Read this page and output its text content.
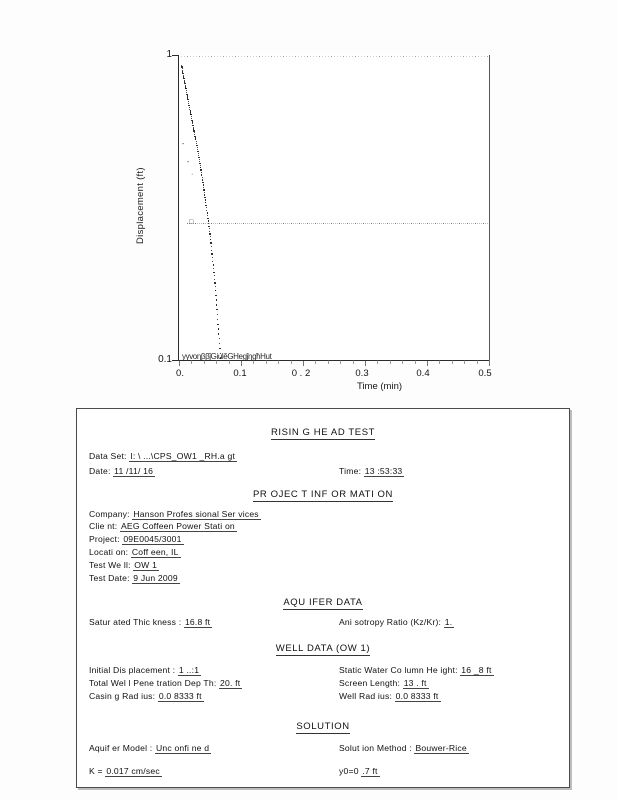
Displacement (ft)
1
0.1
-
-
·
□
yγvοηββĵGiulĕGHegĵηgħHut
0.	0.1	0 . 2	0.3	0.4	0.5
Time (min)
RISIN G HE AD TEST
Data Set: I: \ ...\CPS_OW1 _RH.a gt
Date: 11 /11/ 16	Time: 13 :53:33
PR OJEC T INF OR MATI ON
Company: Hanson Profes sional Ser vices
Clie nt: AEG Coffeen Power Stati on
Project: 09E0045/3001
Locati on: Coff een, IL
Test We ll: OW 1
Test Date: 9 Jun 2009
AQU IFER DATA
Satur ated Thic kness : 16.8 ft	Ani sotropy Ratio (Kz/Kr): 1.
WELL DATA (OW 1)
Initial Dis placement : 1 ..:1	Static Water Co lumn He ight: 16 _8 ft
Total Wel l Pene tration Dep Th: 20. ft	Screen Length: 13 . ft
Casin g Rad ius: 0.0 8333 ft	Well Rad ius: 0.0 8333 ft
SOLUTION
Aquif er Model : Unc onfi ne d	Solut ion Method : Bouwer-Rice
K = 0.017 cm/sec	y0=0 .7 ft
